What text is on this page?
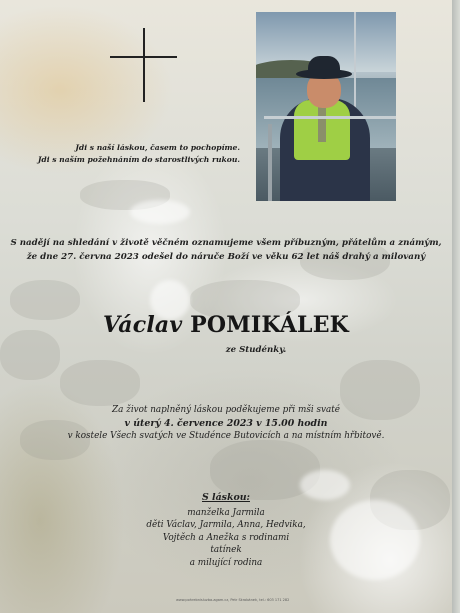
Jdi s naší láskou, časem to pochopíme.
Jdi s naším požehnáním do starostlivých rukou.
S nadějí na shledání v životě věčném oznamujeme všem příbuzným, přátelům a známým,
že dne 27. června 2023 odešel do náruče Boží ve věku 62 let náš drahý a milovaný
Václav POMIKÁLEK
ze Studénky.
Za život naplněný láskou poděkujeme při mši svaté
v úterý 4. července 2023 v 15.00 hodin
v kostele Všech svatých ve Studénce Butovicích a na místním hřbitově.
S láskou:
manželka Jarmila
děti Václav, Jarmila, Anna, Hedvika,
Vojtěch a Anežka s rodinami
tatínek
a milující rodina
www.pohrebnisluzba-agam.cz, Petr Skrobánek, tel.: 603 171 282
